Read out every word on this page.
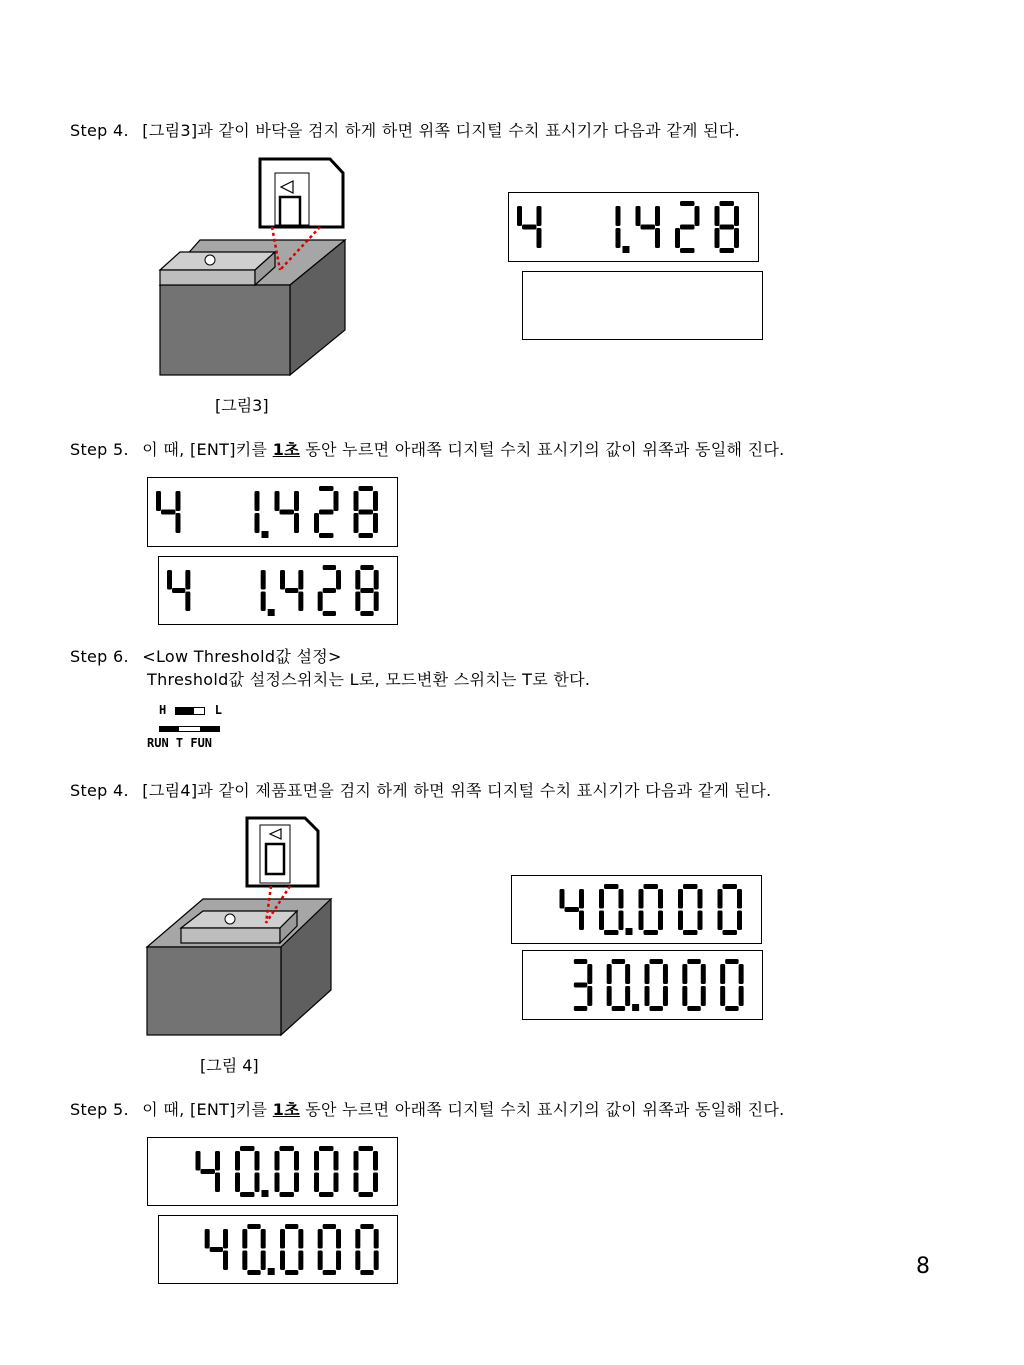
Step 4. [그림3]과 같이 바닥을 검지 하게 하면 위쪽 디지털 수치 표시기가 다음과 같게 된다.
[그림3]
Step 5. 이 때, [ENT]키를 1초 동안 누르면 아래쪽 디지털 수치 표시기의 값이 위쪽과 동일해 진다.
Step 6. <Low Threshold값 설정>
Threshold값 설정스위치는 L로, 모드변환 스위치는 T로 한다.
H	L
RUN T FUN
Step 4. [그림4]과 같이 제품표면을 검지 하게 하면 위쪽 디지털 수치 표시기가 다음과 같게 된다.
[그림 4]
Step 5. 이 때, [ENT]키를 1초 동안 누르면 아래쪽 디지털 수치 표시기의 값이 위쪽과 동일해 진다.
8
